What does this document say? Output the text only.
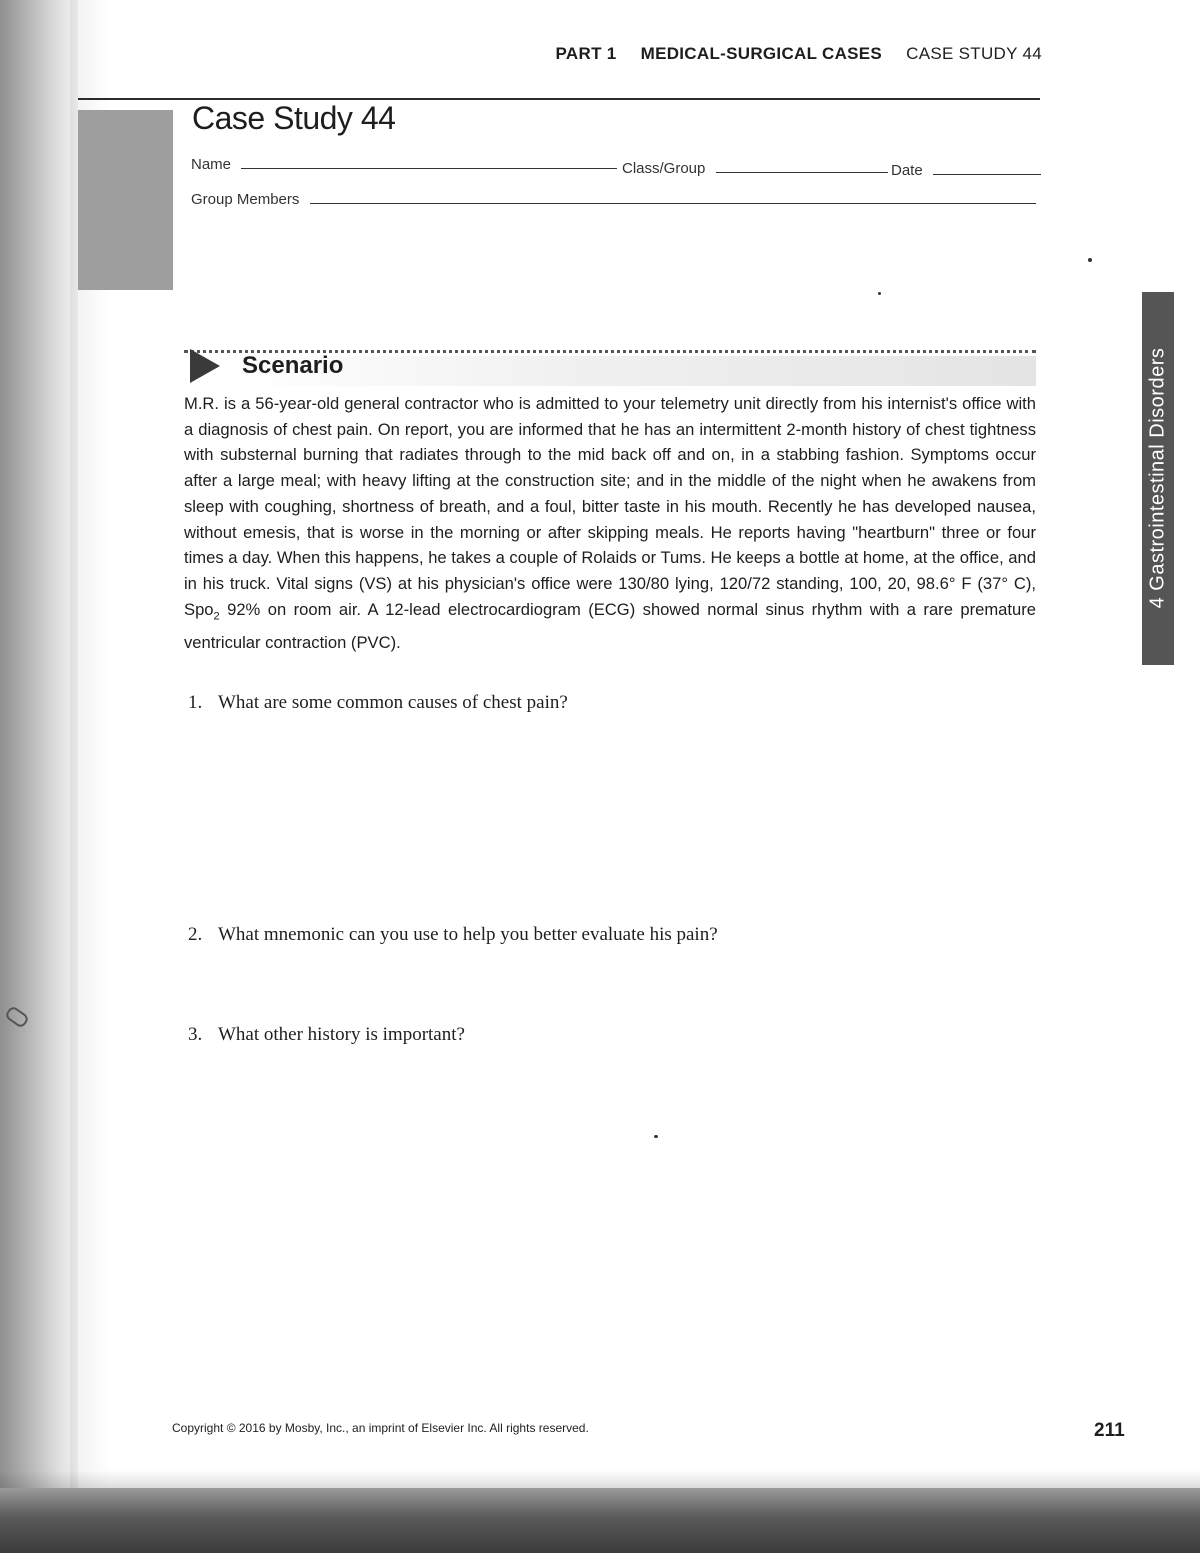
PART 1 MEDICAL-SURGICAL CASES CASE STUDY 44
Case Study 44
Name	Class/Group	Date
Group Members
Scenario
M.R. is a 56-year-old general contractor who is admitted to your telemetry unit directly from his internist's office with a diagnosis of chest pain. On report, you are informed that he has an intermittent 2-month history of chest tightness with substernal burning that radiates through to the mid back off and on, in a stabbing fashion. Symptoms occur after a large meal; with heavy lifting at the construction site; and in the middle of the night when he awakens from sleep with coughing, shortness of breath, and a foul, bitter taste in his mouth. Recently he has developed nausea, without emesis, that is worse in the morning or after skipping meals. He reports having "heartburn" three or four times a day. When this happens, he takes a couple of Rolaids or Tums. He keeps a bottle at home, at the office, and in his truck. Vital signs (VS) at his physician's office were 130/80 lying, 120/72 standing, 100, 20, 98.6° F (37° C), Spo$_2$ 92% on room air. A 12-lead electrocardiogram (ECG) showed normal sinus rhythm with a rare premature ventricular contraction (PVC).
1. What are some common causes of chest pain?
2. What mnemonic can you use to help you better evaluate his pain?
3. What other history is important?
Copyright © 2016 by Mosby, Inc., an imprint of Elsevier Inc. All rights reserved.	211
4 Gastrointestinal Disorders
